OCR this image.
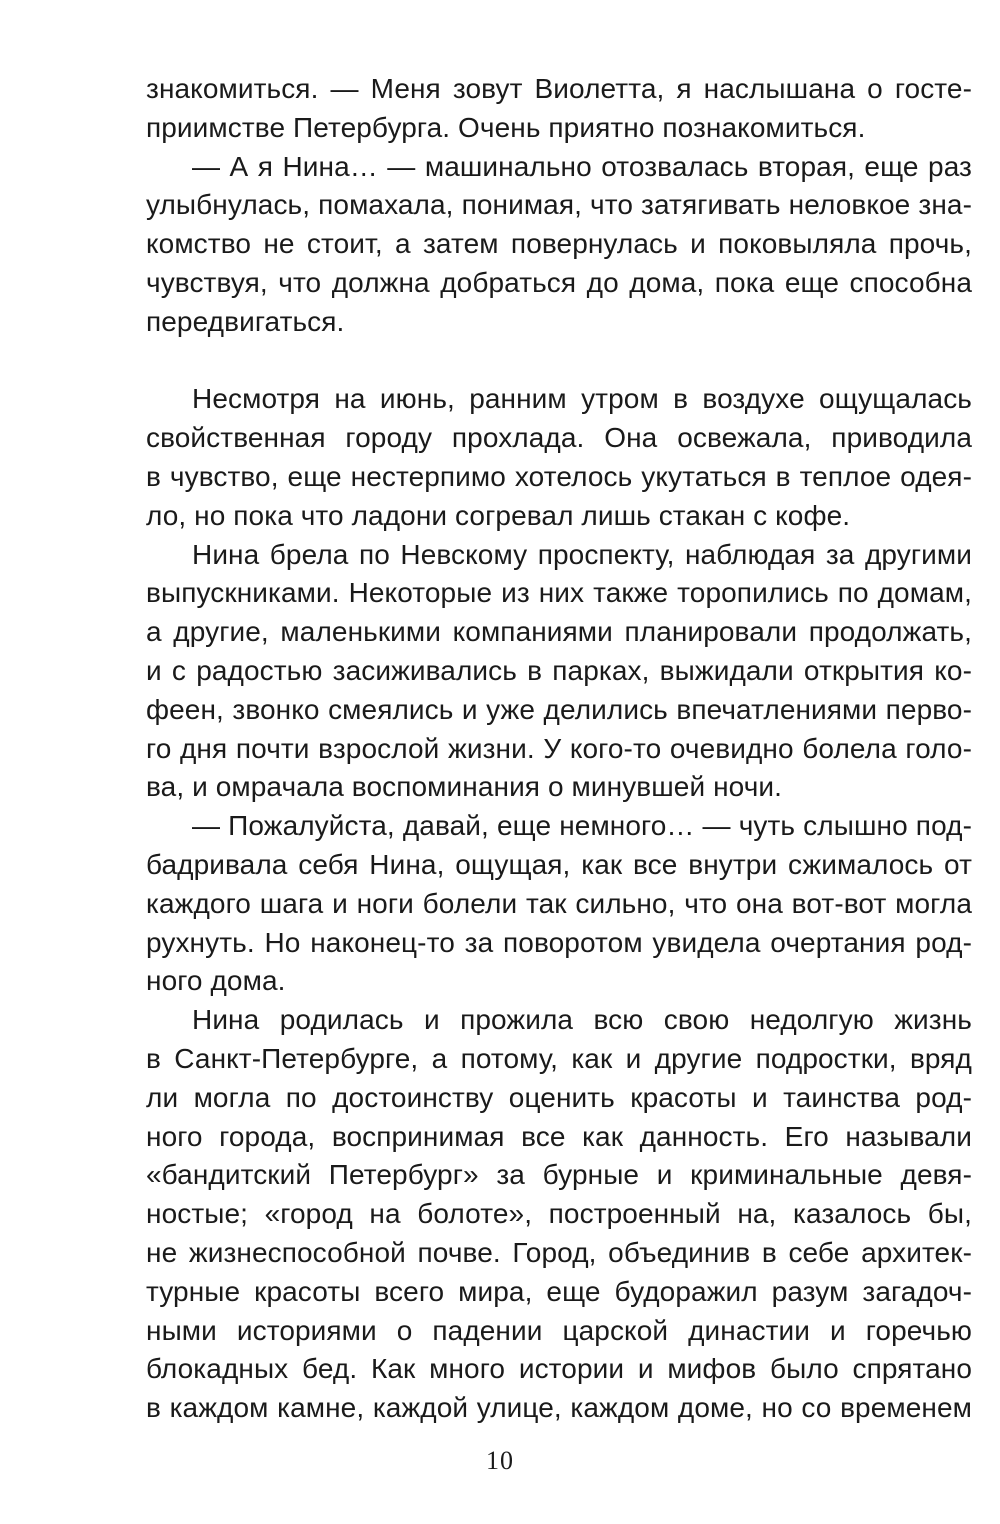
знакомиться. — Меня зовут Виолетта, я наслышана о госте-
приимстве Петербурга. Очень приятно познакомиться.
— А я Нина… — машинально отозвалась вторая, еще раз
улыбнулась, помахала, понимая, что затягивать неловкое зна-
комство не стоит, а затем повернулась и поковыляла прочь,
чувствуя, что должна добраться до дома, пока еще способна
передвигаться.
Несмотря на июнь, ранним утром в воздухе ощущалась
свойственная городу прохлада. Она освежала, приводила
в чувство, еще нестерпимо хотелось укутаться в теплое одея-
ло, но пока что ладони согревал лишь стакан с кофе.
Нина брела по Невскому проспекту, наблюдая за другими
выпускниками. Некоторые из них также торопились по домам,
а другие, маленькими компаниями планировали продолжать,
и с радостью засиживались в парках, выжидали открытия ко-
феен, звонко смеялись и уже делились впечатлениями перво-
го дня почти взрослой жизни. У кого-то очевидно болела голо-
ва, и омрачала воспоминания о минувшей ночи.
— Пожалуйста, давай, еще немного… — чуть слышно под-
бадривала себя Нина, ощущая, как все внутри сжималось от
каждого шага и ноги болели так сильно, что она вот-вот могла
рухнуть. Но наконец-то за поворотом увидела очертания род-
ного дома.
Нина родилась и прожила всю свою недолгую жизнь
в Санкт-Петербурге, а потому, как и другие подростки, вряд
ли могла по достоинству оценить красоты и таинства род-
ного города, воспринимая все как данность. Его называли
«бандитский Петербург» за бурные и криминальные девя-
ностые; «город на болоте», построенный на, казалось бы,
не жизнеспособной почве. Город, объединив в себе архитек-
турные красоты всего мира, еще будоражил разум загадоч-
ными историями о падении царской династии и горечью
блокадных бед. Как много истории и мифов было спрятано
в каждом камне, каждой улице, каждом доме, но со временем
10
